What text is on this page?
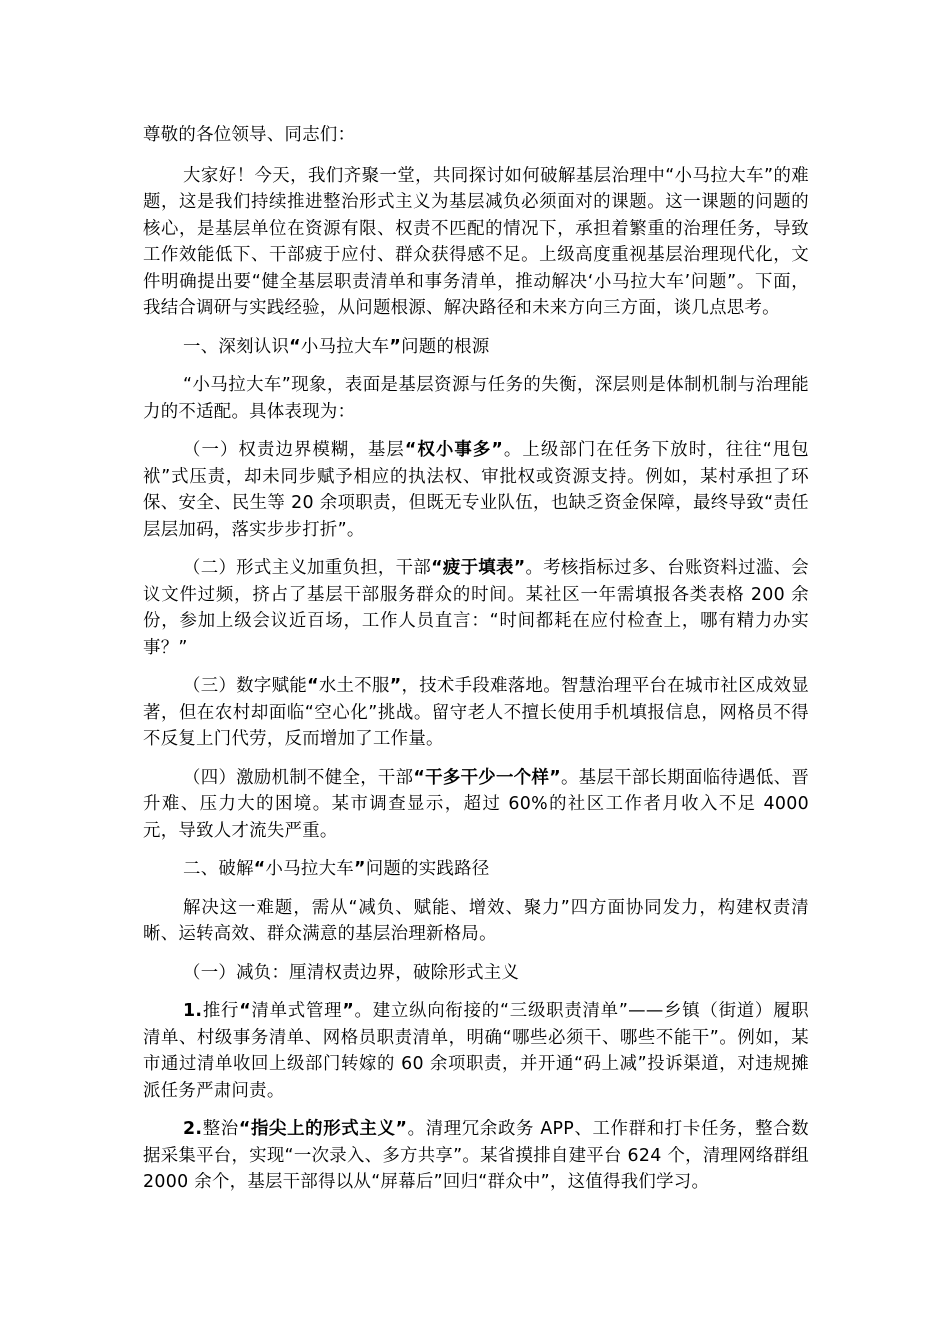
尊敬的各位领导、同志们：

大家好！今天，我们齐聚一堂，共同探讨如何破解基层治理中“小马拉大车”的难题，这是我们持续推进整治形式主义为基层减负必须面对的课题。这一课题的问题的核心，是基层单位在资源有限、权责不匹配的情况下，承担着繁重的治理任务，导致工作效能低下、干部疲于应付、群众获得感不足。上级高度重视基层治理现代化，文件明确提出要“健全基层职责清单和事务清单，推动解决‘小马拉大车’问题”。下面，我结合调研与实践经验，从问题根源、解决路径和未来方向三方面，谈几点思考。

一、深刻认识“小马拉大车”问题的根源

“小马拉大车”现象，表面是基层资源与任务的失衡，深层则是体制机制与治理能力的不适配。具体表现为：

（一）权责边界模糊，基层“权小事多”。上级部门在任务下放时，往往“甩包袱”式压责，却未同步赋予相应的执法权、审批权或资源支持。例如，某村承担了环保、安全、民生等 20 余项职责，但既无专业队伍，也缺乏资金保障，最终导致“责任层层加码，落实步步打折”。

（二）形式主义加重负担，干部“疲于填表”。考核指标过多、台账资料过滥、会议文件过频，挤占了基层干部服务群众的时间。某社区一年需填报各类表格 200 余份，参加上级会议近百场，工作人员直言：“时间都耗在应付检查上，哪有精力办实事？”

（三）数字赋能“水土不服”，技术手段难落地。智慧治理平台在城市社区成效显著，但在农村却面临“空心化”挑战。留守老人不擅长使用手机填报信息，网格员不得不反复上门代劳，反而增加了工作量。

（四）激励机制不健全，干部“干多干少一个样”。基层干部长期面临待遇低、晋升难、压力大的困境。某市调查显示，超过 60%的社区工作者月收入不足 4000 元，导致人才流失严重。

二、破解“小马拉大车”问题的实践路径

解决这一难题，需从“减负、赋能、增效、聚力”四方面协同发力，构建权责清晰、运转高效、群众满意的基层治理新格局。

（一）减负：厘清权责边界，破除形式主义

1.推行“清单式管理”。建立纵向衔接的“三级职责清单”——乡镇（街道）履职清单、村级事务清单、网格员职责清单，明确“哪些必须干、哪些不能干”。例如，某市通过清单收回上级部门转嫁的 60 余项职责，并开通“码上减”投诉渠道，对违规摊派任务严肃问责。

2.整治“指尖上的形式主义”。清理冗余政务 APP、工作群和打卡任务，整合数据采集平台，实现“一次录入、多方共享”。某省摸排自建平台 624 个，清理网络群组 2000 余个，基层干部得以从“屏幕后”回归“群众中”，这值得我们学习。
